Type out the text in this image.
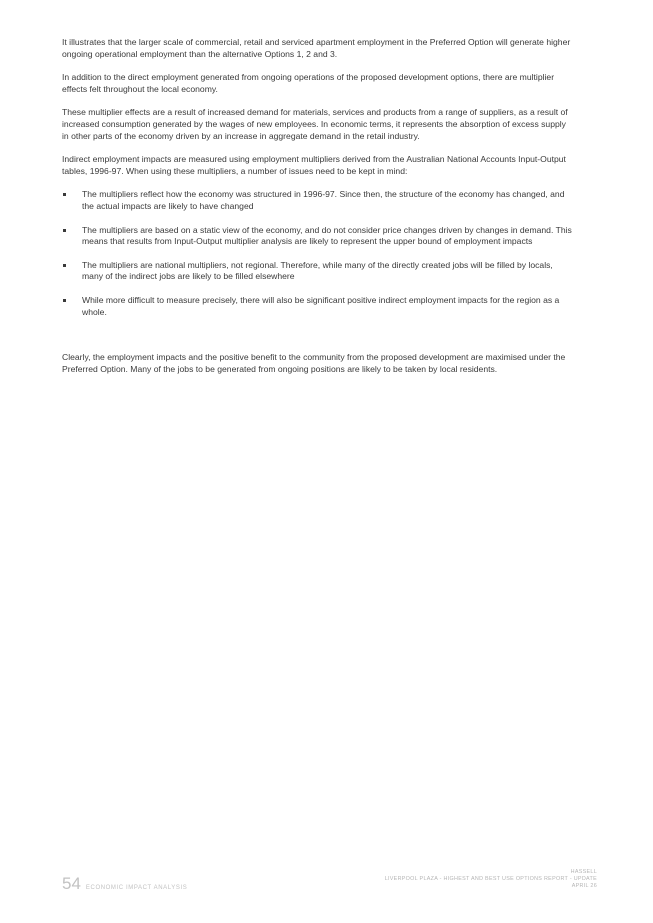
It illustrates that the larger scale of commercial, retail and serviced apartment employment in the Preferred Option will generate higher ongoing operational employment than the alternative Options 1, 2 and 3.

In addition to the direct employment generated from ongoing operations of the proposed development options, there are multiplier effects felt throughout the local economy.

These multiplier effects are a result of increased demand for materials, services and products from a range of suppliers, as a result of increased consumption generated by the wages of new employees. In economic terms, it represents the absorption of excess supply in other parts of the economy driven by an increase in aggregate demand in the retail industry.

Indirect employment impacts are measured using employment multipliers derived from the Australian National Accounts Input-Output tables, 1996-97. When using these multipliers, a number of issues need to be kept in mind:

The multipliers reflect how the economy was structured in 1996-97. Since then, the structure of the economy has changed, and the actual impacts are likely to have changed
The multipliers are based on a static view of the economy, and do not consider price changes driven by changes in demand. This means that results from Input-Output multiplier analysis are likely to represent the upper bound of employment impacts
The multipliers are national multipliers, not regional. Therefore, while many of the directly created jobs will be filled by locals, many of the indirect jobs are likely to be filled elsewhere
While more difficult to measure precisely, there will also be significant positive indirect employment impacts for the region as a whole.

Clearly, the employment impacts and the positive benefit to the community from the proposed development are maximised under the Preferred Option. Many of the jobs to be generated from ongoing positions are likely to be taken by local residents.

54 ECONOMIC IMPACT ANALYSIS
HASSELL
LIVERPOOL PLAZA - HIGHEST AND BEST USE OPTIONS REPORT - UPDATE
APRIL 26
